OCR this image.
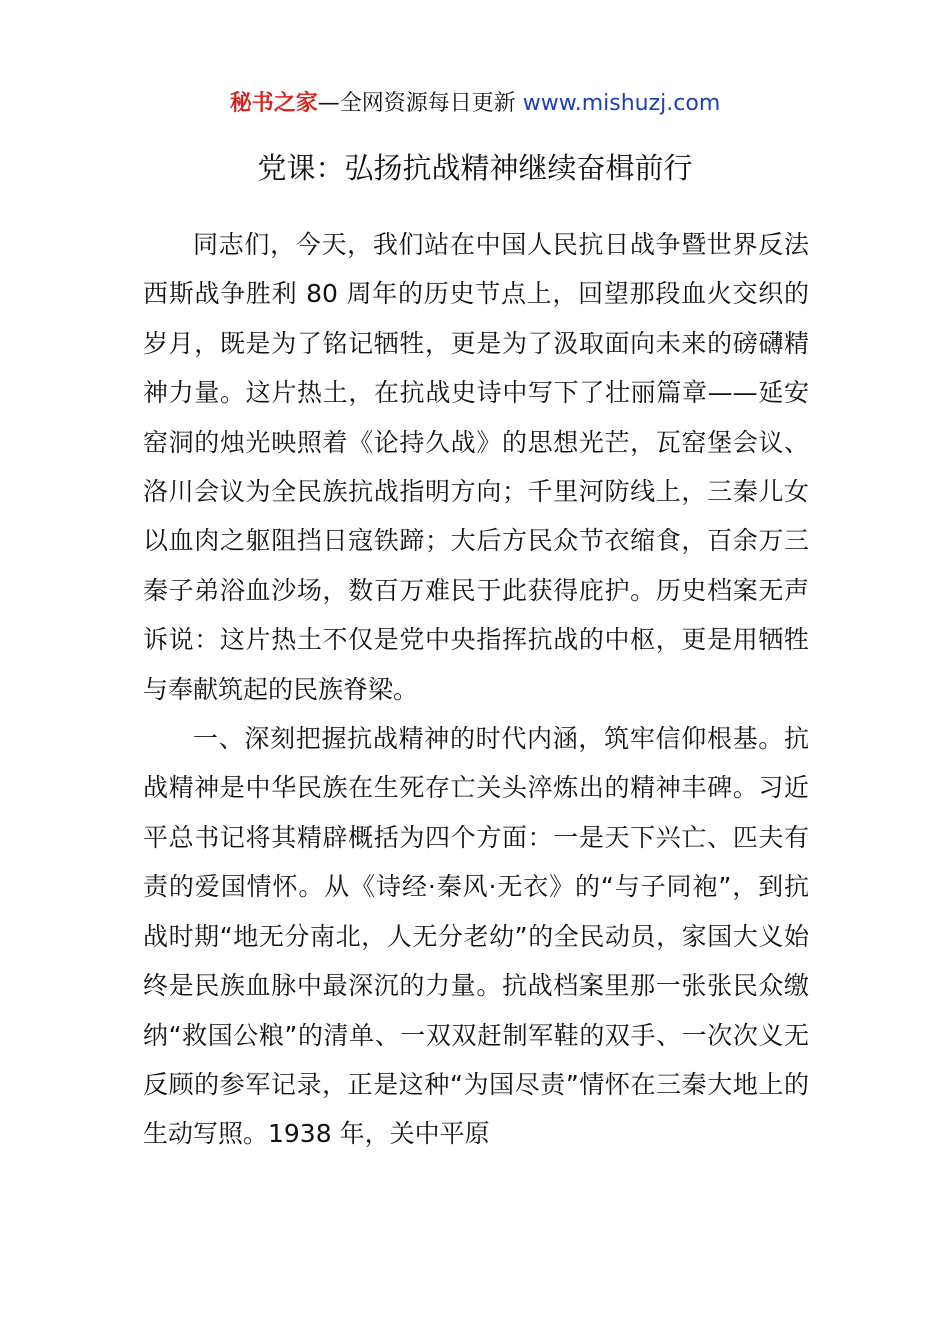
秘书之家—全网资源每日更新 www.mishuzj.com
党课：弘扬抗战精神继续奋楫前行

同志们，今天，我们站在中国人民抗日战争暨世界反法西斯战争胜利 80 周年的历史节点上，回望那段血火交织的岁月，既是为了铭记牺牲，更是为了汲取面向未来的磅礴精神力量。这片热土，在抗战史诗中写下了壮丽篇章——延安窑洞的烛光映照着《论持久战》的思想光芒，瓦窑堡会议、洛川会议为全民族抗战指明方向；千里河防线上，三秦儿女以血肉之躯阻挡日寇铁蹄；大后方民众节衣缩食，百余万三秦子弟浴血沙场，数百万难民于此获得庇护。历史档案无声诉说：这片热土不仅是党中央指挥抗战的中枢，更是用牺牲与奉献筑起的民族脊梁。

一、深刻把握抗战精神的时代内涵，筑牢信仰根基。抗战精神是中华民族在生死存亡关头淬炼出的精神丰碑。习近平总书记将其精辟概括为四个方面：一是天下兴亡、匹夫有责的爱国情怀。从《诗经·秦风·无衣》的“与子同袍”，到抗战时期“地无分南北，人无分老幼”的全民动员，家国大义始终是民族血脉中最深沉的力量。抗战档案里那一张张民众缴纳“救国公粮”的清单、一双双赶制军鞋的双手、一次次义无反顾的参军记录，正是这种“为国尽责”情怀在三秦大地上的生动写照。1938 年，关中平原
